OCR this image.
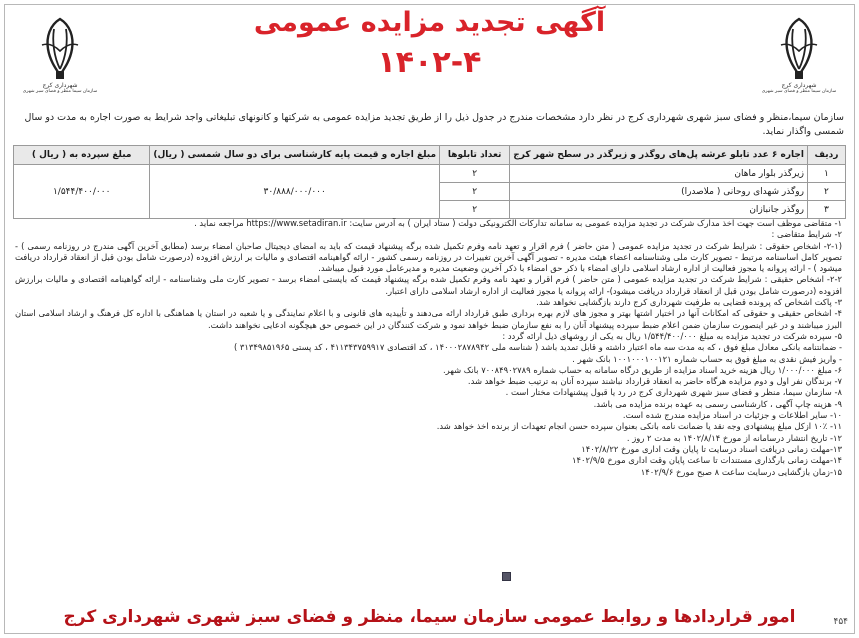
شهرداری کرج
سازمان سیما منظر و فضای سبز شهری
شهرداری کرج
سازمان سیما منظر و فضای سبز شهری
آگهی تجدید مزایده عمومی
۱۴۰۲-۴
سازمان سیما،منظر و فضای سبز شهری شهرداری کرج در نظر دارد مشخصات مندرج در جدول ذیل را از طریق تجدید مزایده عمومی به شرکتها و کانونهای تبلیغاتی واجد شرایط به صورت اجاره به مدت دو سال شمسی واگذار نماید.
ردیف	اجاره ۶ عدد تابلو عرشه پل‌های روگذر و زیرگذر در سطح شهر کرج	تعداد تابلوها	مبلغ اجاره و قیمت پایه کارشناسی برای دو سال شمسی ( ریال)	مبلغ سپرده به ( ریال )
۱	زیرگذر بلوار ماهان	۲	۳۰/۸۸۸/۰۰۰/۰۰۰	۱/۵۴۴/۴۰۰/۰۰۰
۲	روگذر شهدای روحانی ( ملاصدرا)	۲		
۳	روگذر جانبازان	۲		

۱- متقاضی موظف است جهت اخذ مدارک شرکت در تجدید مزایده عمومی به سامانه تدارکات الکترونیکی دولت ( ستاد ایران ) به آدرس سایت: https://www.setadiran.ir مراجعه نماید .

۲- شرایط متقاضی :

(۲-۱- اشخاص حقوقی : شرایط شرکت در تجدید مزایده عمومی ( متن حاضر ) فرم اقرار و تعهد نامه وفرم تکمیل شده برگه پیشنهاد قیمت که باید به امضای دیجیتال صاحبان امضاء برسد (مطابق آخرین آگهی مندرج در روزنامه رسمی ) - تصویر کامل اساسنامه مرتبط - تصویر کارت ملی وشناسنامه اعضاء هیئت مدیره - تصویر آگهی آخرین تغییرات در روزنامه رسمی کشور - ارائه گواهینامه اقتصادی و مالیات بر ارزش افزوده (درصورت شامل بودن قبل از انعقاد قرارداد دریافت میشود ) - ارائه پروانه یا مجوز فعالیت از اداره ارشاد اسلامی دارای امضاء با ذکر حق امضاء با ذکر آخرین وضعیت مدیره و مدیرعامل مورد قبول میباشد.

۲-۲- اشخاص حقیقی : شرایط شرکت در تجدید مزایده عمومی ( متن حاضر ) فرم اقرار و تعهد نامه وفرم تکمیل شده برگه پیشنهاد قیمت که بایستی امضاء برسد - تصویر کارت ملی وشناسنامه - ارائه گواهینامه اقتصادی و مالیات برارزش افزوده (درصورت شامل بودن قبل از انعقاد قرارداد دریافت میشود)- ارائه پروانه یا مجوز فعالیت از اداره ارشاد اسلامی دارای اعتبار.

۳- پاکت اشخاص که پرونده قضایی به طرفیت شهرداری کرج دارند بازگشایی نخواهد شد.

۴- اشخاص حقیقی و حقوقی که امکانات آنها در اختیار اشتها بهتر و مجوز های لازم بهره برداری طبق قرارداد ارائه می‌دهند و تأییدیه های قانونی و با اعلام نمایندگی و یا شعبه در استان یا هماهنگی با اداره کل فرهنگ و ارشاد اسلامی استان البرز میباشند و در غیر اینصورت سازمان ضمن اعلام ضبط سپرده پیشنهاد آنان را به نفع سازمان ضبط خواهد نمود و شرکت کنندگان در این خصوص حق هیچگونه ادعایی نخواهند داشت.

۵- سپرده شرکت در تجدید مزایده به مبلغ ۱/۵۴۴/۴۰۰/۰۰۰ ریال به یکی از روشهای ذیل ارائه گردد :

- ضمانتنامه بانکی معادل مبلغ فوق ، که به مدت سه ماه اعتبار داشته و قابل تمدید باشد ( شناسه ملی ۱۴۰۰۰۲۸۷۸۹۴۲ ، کد اقتصادی ۴۱۱۳۴۳۷۵۹۹۱۷ ، کد پستی ۳۱۳۴۹۸۵۱۹۶۵ )

- واریز فیش نقدی به مبلغ فوق به حساب شماره ۱۰۰۱۰۰۰۱۰۰۱۲۱ بانک شهر .

۶- مبلغ ۱/۰۰۰/۰۰۰ ریال هزینه خرید اسناد مزایده از طریق درگاه سامانه به حساب شماره ۷۰۰۸۴۹۰۲۷۸۹ بانک شهر.

۷- برندگان نفر اول و دوم مزایده هرگاه حاضر به انعقاد قرارداد نباشند سپرده آنان به ترتیب ضبط خواهد شد.

۸- سازمان سیما، منظر و فضای سبز شهری شهرداری کرج در رد یا قبول پیشنهادات مختار است .

۹- هزینه چاپ آگهی ، کارشناسی رسمی به عهده برنده مزایده می باشد.

۱۰- سایر اطلاعات و جزئیات در اسناد مزایده مندرج شده است.

۱۱- ۱۰٪ ازکل مبلغ پیشنهادی وجه نقد یا ضمانت نامه بانکی بعنوان سپرده حسن انجام تعهدات از برنده اخذ خواهد شد.

۱۲- تاریخ انتشار درسامانه از مورخ ۱۴۰۲/۸/۱۴ به مدت ۲ روز .

۱۳-مهلت زمانی دریافت اسناد درسایت تا پایان وقت اداری مورخ ۱۴۰۲/۸/۲۲

۱۴-مهلت زمانی بارگذاری مستندات تا ساعت پایان وقت اداری مورخ ۱۴۰۲/۹/۵

۱۵-زمان بازگشایی درسایت ساعت ۸ صبح مورخ ۱۴۰۲/۹/۶

امور قراردادها و روابط عمومی سازمان سیما، منظر و فضای سبز شهری شهرداری کرج	۴۵۴
